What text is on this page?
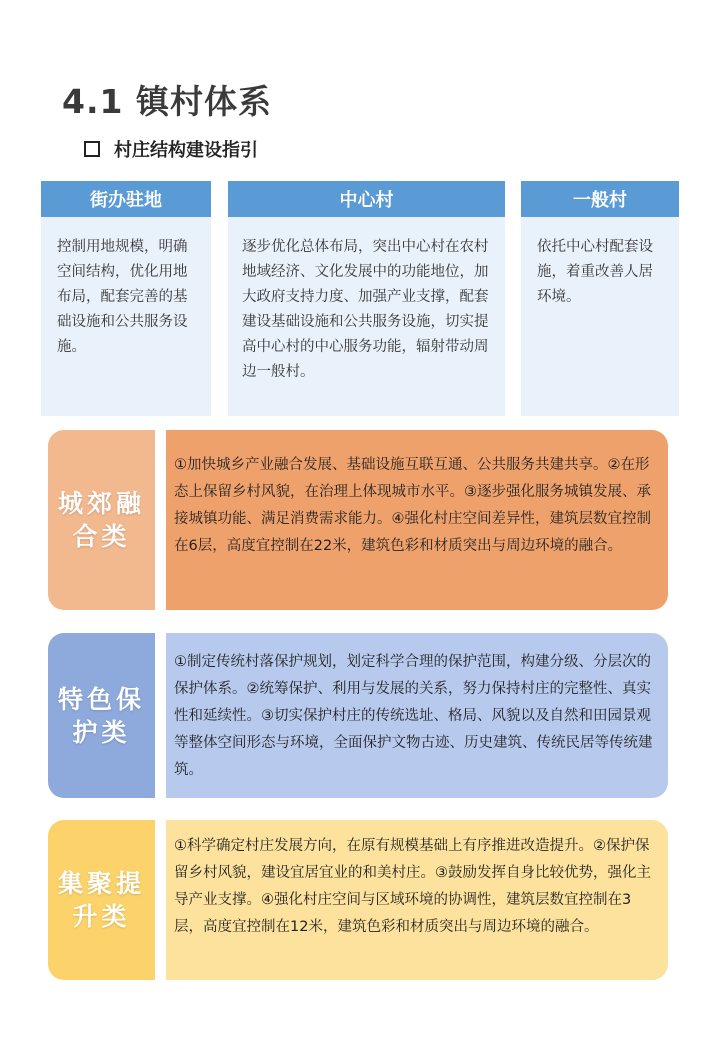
4.1 镇村体系
村庄结构建设指引
街办驻地
控制用地规模，明确空间结构，优化用地布局，配套完善的基础设施和公共服务设施。
中心村
逐步优化总体布局，突出中心村在农村地域经济、文化发展中的功能地位，加大政府支持力度、加强产业支撑，配套建设基础设施和公共服务设施，切实提高中心村的中心服务功能，辐射带动周边一般村。
一般村
依托中心村配套设施，着重改善人居环境。
城郊融合类
①加快城乡产业融合发展、基础设施互联互通、公共服务共建共享。②在形态上保留乡村风貌，在治理上体现城市水平。③逐步强化服务城镇发展、承接城镇功能、满足消费需求能力。④强化村庄空间差异性，建筑层数宜控制在6层，高度宜控制在22米，建筑色彩和材质突出与周边环境的融合。
特色保护类
①制定传统村落保护规划，划定科学合理的保护范围，构建分级、分层次的保护体系。②统筹保护、利用与发展的关系，努力保持村庄的完整性、真实性和延续性。③切实保护村庄的传统选址、格局、风貌以及自然和田园景观等整体空间形态与环境，全面保护文物古迹、历史建筑、传统民居等传统建筑。
集聚提升类
①科学确定村庄发展方向，在原有规模基础上有序推进改造提升。②保护保留乡村风貌，建设宜居宜业的和美村庄。③鼓励发挥自身比较优势，强化主导产业支撑。④强化村庄空间与区域环境的协调性，建筑层数宜控制在3层，高度宜控制在12米，建筑色彩和材质突出与周边环境的融合。
